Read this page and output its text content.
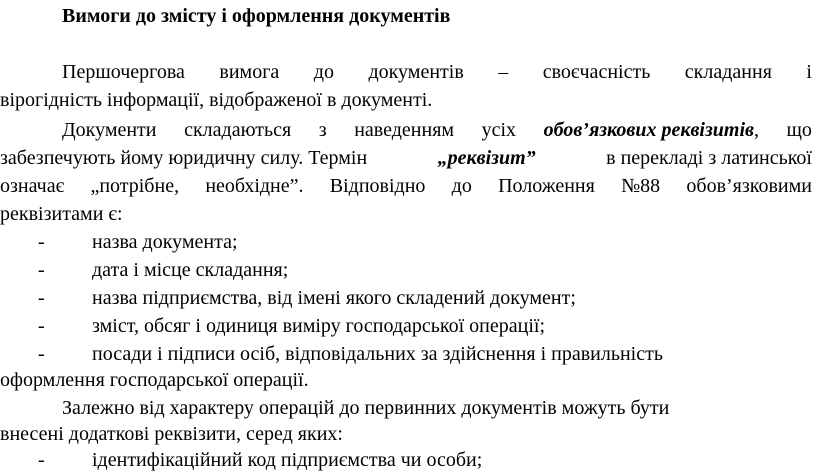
Вимоги до змісту і оформлення документів
Першочергова вимога до документів – своєчасність складання і
вірогідність інформації, відображеної в документі.
Документи складаються з наведенням усіх обов’язкових реквізитів, що
забезпечують йому юридичну силу. Термін	„реквізит”	в перекладі з латинської
означає „потрібне, необхідне”. Відповідно до Положення №88 обов’язковими
реквізитами є:
- назва документа;
- дата і місце складання;
- назва підприємства, від імені якого складений документ;
- зміст, обсяг і одиниця виміру господарської операції;
- посади і підписи осіб, відповідальних за здійснення і правильність
оформлення господарської операції.
Залежно від характеру операцій до первинних документів можуть бути
внесені додаткові реквізити, серед яких:
- ідентифікаційний код підприємства чи особи;
